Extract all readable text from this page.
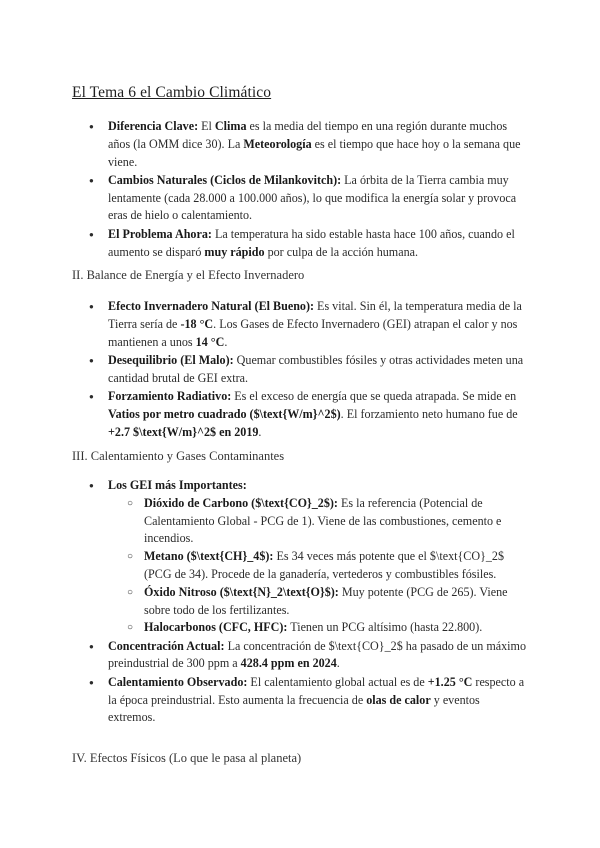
El Tema 6 el Cambio Climático
● Diferencia Clave: El Clima es la media del tiempo en una región durante muchos años (la OMM dice 30). La Meteorología es el tiempo que hace hoy o la semana que viene.
● Cambios Naturales (Ciclos de Milankovitch): La órbita de la Tierra cambia muy lentamente (cada 28.000 a 100.000 años), lo que modifica la energía solar y provoca eras de hielo o calentamiento.
● El Problema Ahora: La temperatura ha sido estable hasta hace 100 años, cuando el aumento se disparó muy rápido por culpa de la acción humana.
II. Balance de Energía y el Efecto Invernadero
● Efecto Invernadero Natural (El Bueno): Es vital. Sin él, la temperatura media de la Tierra sería de -18 °C. Los Gases de Efecto Invernadero (GEI) atrapan el calor y nos mantienen a unos 14 °C.
● Desequilibrio (El Malo): Quemar combustibles fósiles y otras actividades meten una cantidad brutal de GEI extra.
● Forzamiento Radiativo: Es el exceso de energía que se queda atrapada. Se mide en Vatios por metro cuadrado ($\text{W/m}^2$). El forzamiento neto humano fue de +2.7 $\text{W/m}^2$ en 2019.
III. Calentamiento y Gases Contaminantes
● Los GEI más Importantes:
○ Dióxido de Carbono ($\text{CO}_2$): Es la referencia (Potencial de Calentamiento Global - PCG de 1). Viene de las combustiones, cemento e incendios.
○ Metano ($\text{CH}_4$): Es 34 veces más potente que el $\text{CO}_2$ (PCG de 34). Procede de la ganadería, vertederos y combustibles fósiles.
○ Óxido Nitroso ($\text{N}_2\text{O}$): Muy potente (PCG de 265). Viene sobre todo de los fertilizantes.
○ Halocarbonos (CFC, HFC): Tienen un PCG altísimo (hasta 22.800).
● Concentración Actual: La concentración de $\text{CO}_2$ ha pasado de un máximo preindustrial de 300 ppm a 428.4 ppm en 2024.
● Calentamiento Observado: El calentamiento global actual es de +1.25 °C respecto a la época preindustrial. Esto aumenta la frecuencia de olas de calor y eventos extremos.
IV. Efectos Físicos (Lo que le pasa al planeta)
